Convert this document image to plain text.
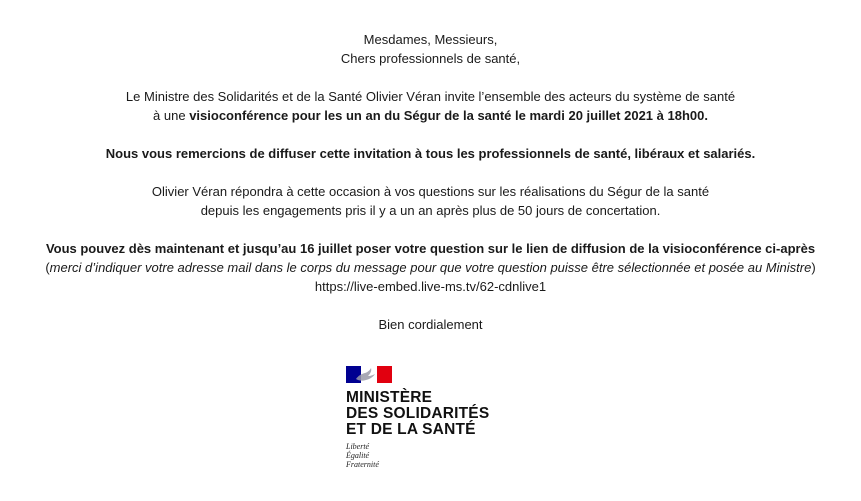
Mesdames, Messieurs,
Chers professionnels de santé,
Le Ministre des Solidarités et de la Santé Olivier Véran invite l’ensemble des acteurs du système de santé
à une visioconférence pour les un an du Ségur de la santé le mardi 20 juillet 2021 à 18h00.
Nous vous remercions de diffuser cette invitation à tous les professionnels de santé, libéraux et salariés.
Olivier Véran répondra à cette occasion à vos questions sur les réalisations du Ségur de la santé
depuis les engagements pris il y a un an après plus de 50 jours de concertation.
Vous pouvez dès maintenant et jusqu’au 16 juillet poser votre question sur le lien de diffusion de la visioconférence ci-après
(merci d’indiquer votre adresse mail dans le corps du message pour que votre question puisse être sélectionnée et posée au Ministre)
https://live-embed.live-ms.tv/62-cdnlive1
Bien cordialement
MINISTÈRE
DES SOLIDARITÉS
ET DE LA SANTÉ
Liberté
Égalité
Fraternité
